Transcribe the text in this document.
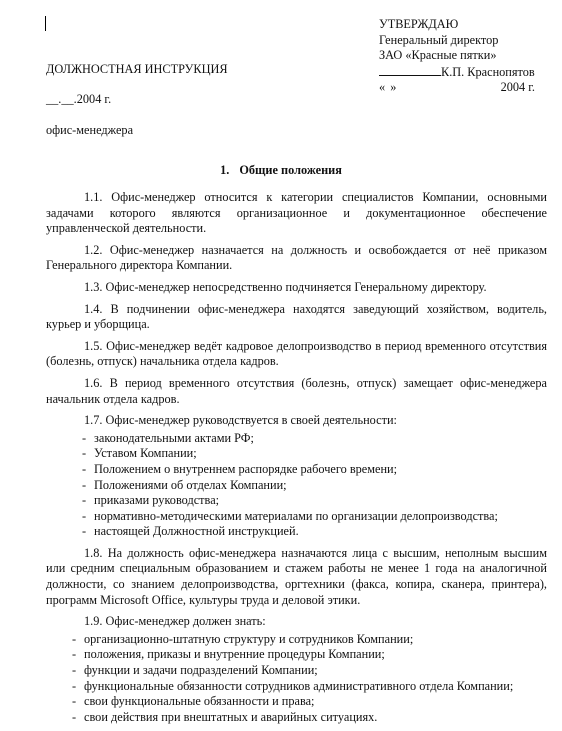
УТВЕРЖДАЮ
Генеральный директор
ЗАО «Красные пятки»
К.П. Краснопятов
« »	2004 г.
ДОЛЖНОСТНАЯ ИНСТРУКЦИЯ
__.__.2004 г.
офис-менеджера
1. Общие положения

1.1. Офис-менеджер относится к категории специалистов Компании, основными задачами которого являются организационное и документационное обеспечение управленческой деятельности.

1.2. Офис-менеджер назначается на должность и освобождается от неё приказом Генерального директора Компании.

1.3. Офис-менеджер непосредственно подчиняется Генеральному директору.

1.4. В подчинении офис-менеджера находятся заведующий хозяйством, водитель, курьер и уборщица.

1.5. Офис-менеджер ведёт кадровое делопроизводство в период временного отсутствия (болезнь, отпуск) начальника отдела кадров.

1.6. В период временного отсутствия (болезнь, отпуск) замещает офис-менеджера начальник отдела кадров.

1.7. Офис-менеджер руководствуется в своей деятельности:

- законодательными актами РФ;
- Уставом Компании;
- Положением о внутреннем распорядке рабочего времени;
- Положениями об отделах Компании;
- приказами руководства;
- нормативно-методическими материалами по организации делопроизводства;
- настоящей Должностной инструкцией.

1.8. На должность офис-менеджера назначаются лица с высшим, неполным высшим или средним специальным образованием и стажем работы не менее 1 года на аналогичной должности, со знанием делопроизводства, оргтехники (факса, копира, сканера, принтера), программ Microsoft Office, культуры труда и деловой этики.

1.9. Офис-менеджер должен знать:

- организационно-штатную структуру и сотрудников Компании;
- положения, приказы и внутренние процедуры Компании;
- функции и задачи подразделений Компании;
- функциональные обязанности сотрудников административного отдела Компании;
- свои функциональные обязанности и права;
- свои действия при внештатных и аварийных ситуациях.
